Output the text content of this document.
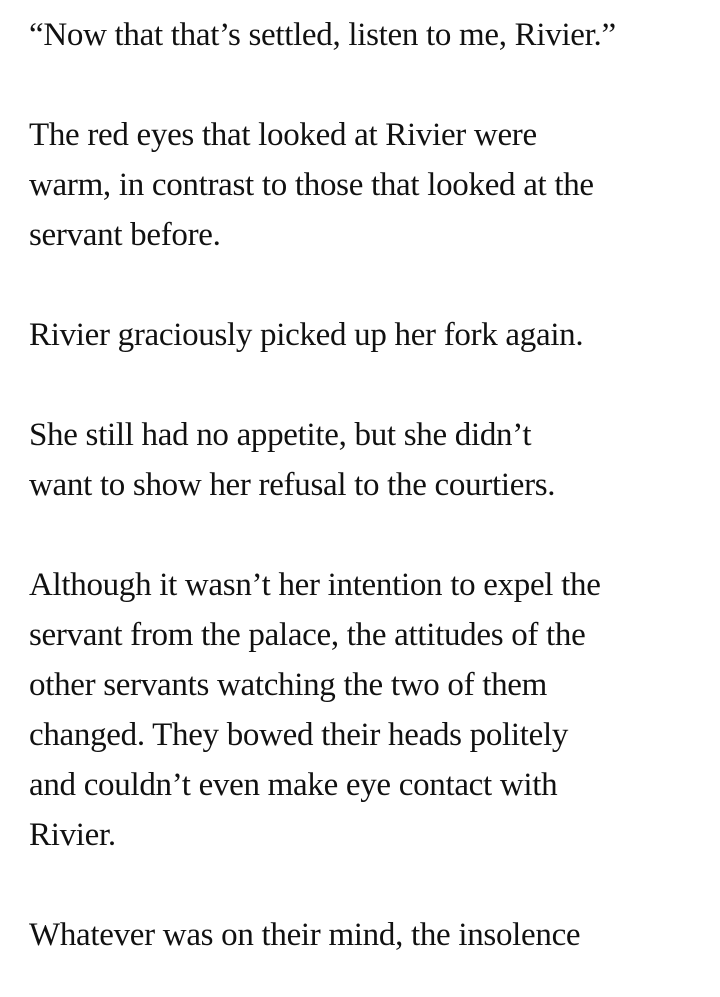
“Now that that’s settled, listen to me, Rivier.”

The red eyes that looked at Rivier were
warm, in contrast to those that looked at the
servant before.

Rivier graciously picked up her fork again.

She still had no appetite, but she didn’t
want to show her refusal to the courtiers.

Although it wasn’t her intention to expel the
servant from the palace, the attitudes of the
other servants watching the two of them
changed. They bowed their heads politely
and couldn’t even make eye contact with
Rivier.

Whatever was on their mind, the insolence
